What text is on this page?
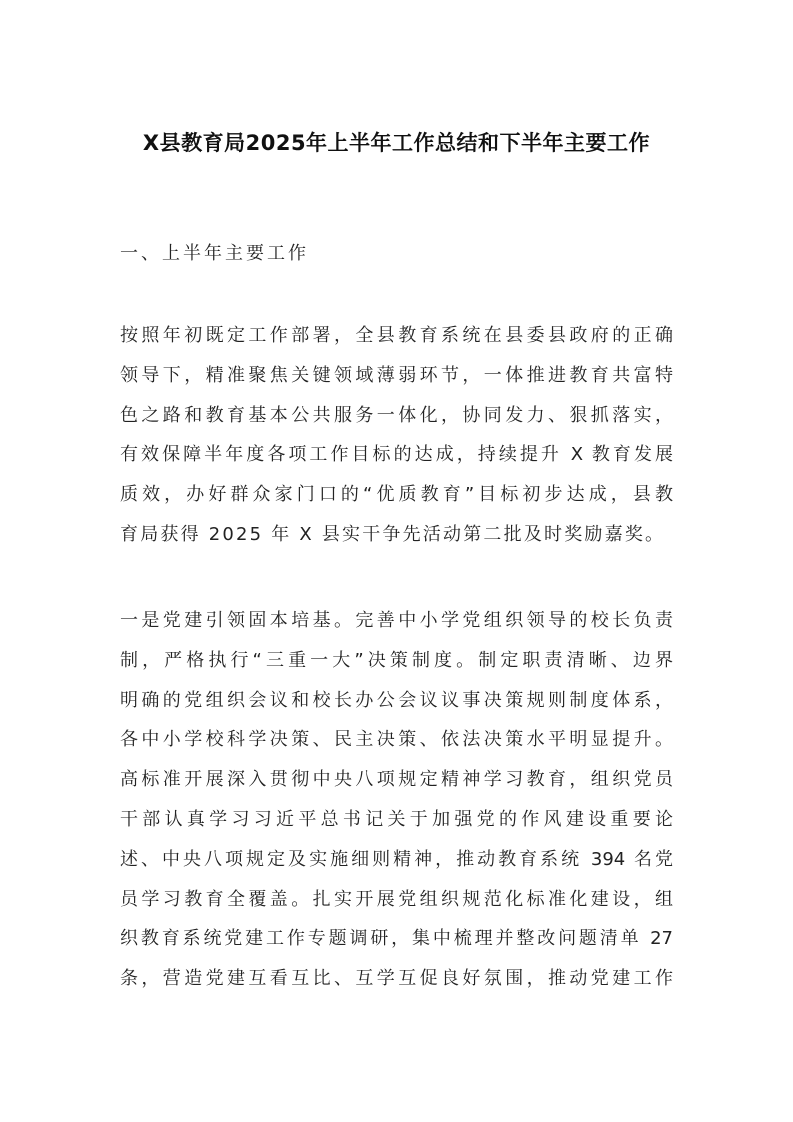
X县教育局2025年上半年工作总结和下半年主要工作
一、上半年主要工作
按照年初既定工作部署，全县教育系统在县委县政府的正确
领导下，精准聚焦关键领域薄弱环节，一体推进教育共富特
色之路和教育基本公共服务一体化，协同发力、狠抓落实，
有效保障半年度各项工作目标的达成，持续提升 X 教育发展
质效，办好群众家门口的“优质教育”目标初步达成，县教
育局获得 2025 年 X 县实干争先活动第二批及时奖励嘉奖。
一是党建引领固本培基。完善中小学党组织领导的校长负责
制，严格执行“三重一大”决策制度。制定职责清晰、边界
明确的党组织会议和校长办公会议议事决策规则制度体系，
各中小学校科学决策、民主决策、依法决策水平明显提升。
高标准开展深入贯彻中央八项规定精神学习教育，组织党员
干部认真学习习近平总书记关于加强党的作风建设重要论
述、中央八项规定及实施细则精神，推动教育系统 394 名党
员学习教育全覆盖。扎实开展党组织规范化标准化建设，组
织教育系统党建工作专题调研，集中梳理并整改问题清单 27
条，营造党建互看互比、互学互促良好氛围，推动党建工作
